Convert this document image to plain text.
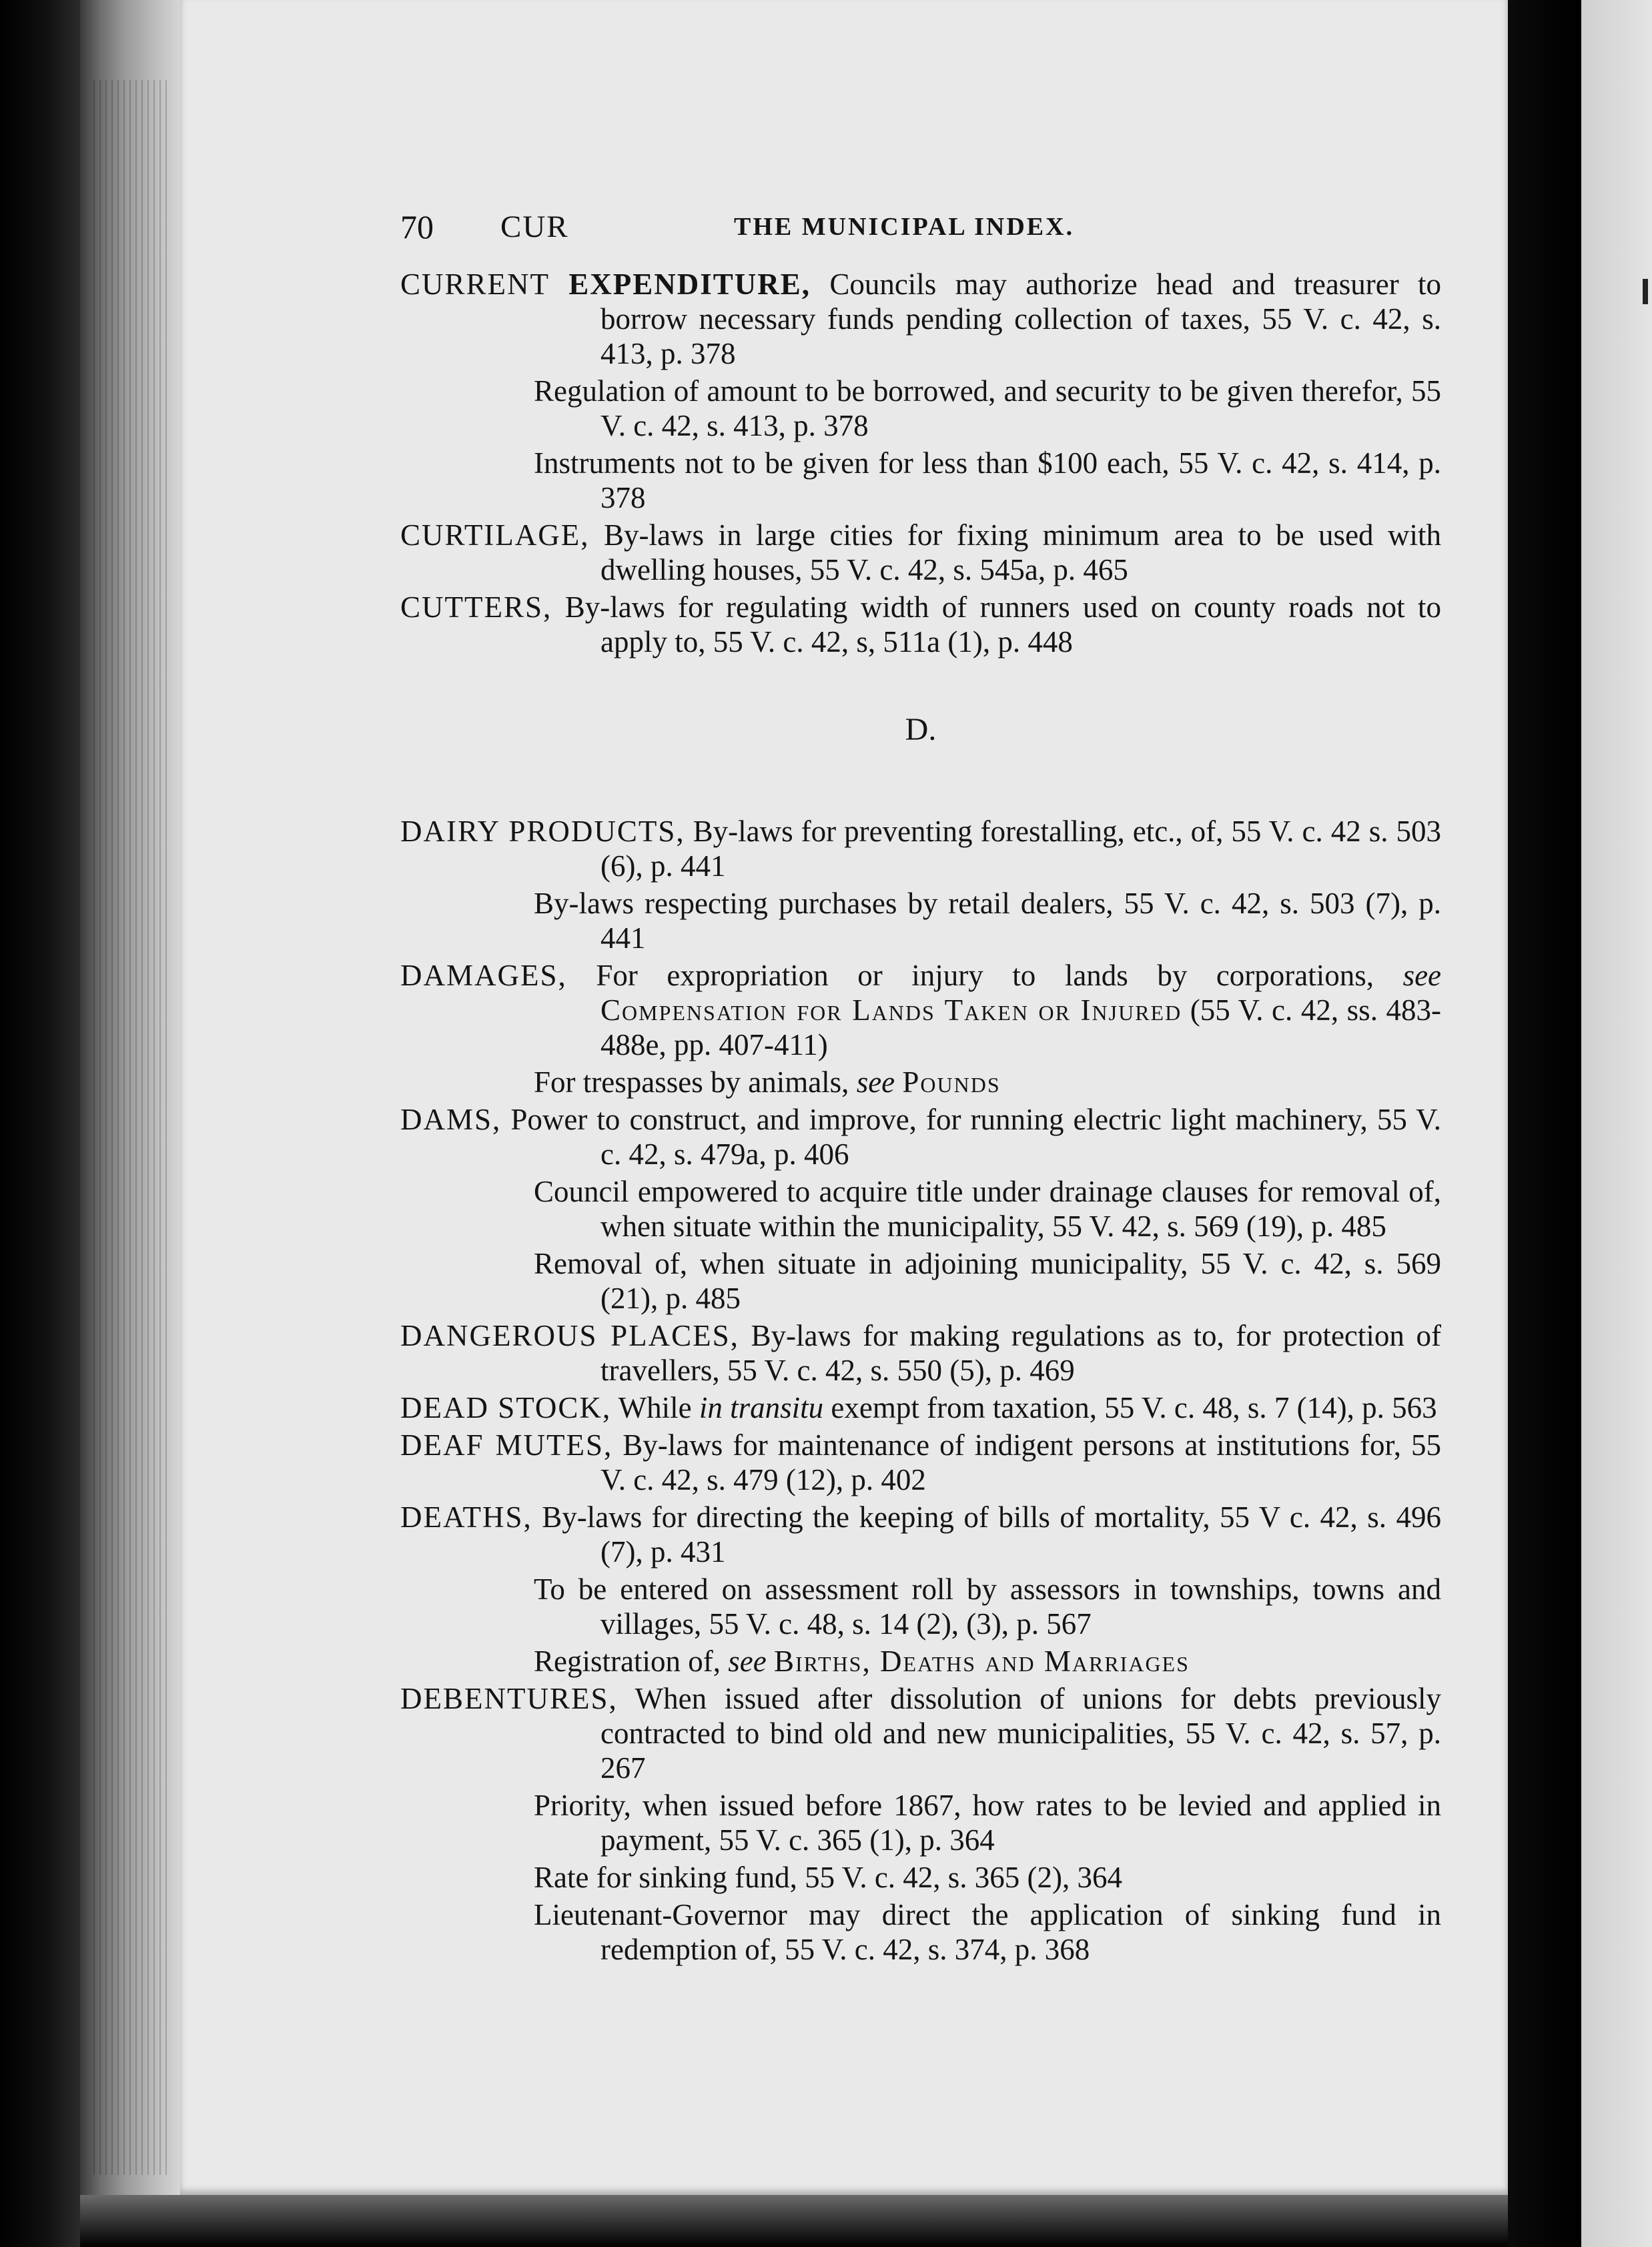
70 CUR	THE MUNICIPAL INDEX.

CURRENT EXPENDITURE, Councils may authorize head and treasurer to borrow necessary funds pending collection of taxes, 55 V. c. 42, s. 413, p. 378

Regulation of amount to be borrowed, and security to be given therefor, 55 V. c. 42, s. 413, p. 378

Instruments not to be given for less than $100 each, 55 V. c. 42, s. 414, p. 378

CURTILAGE, By-laws in large cities for fixing minimum area to be used with dwelling houses, 55 V. c. 42, s. 545a, p. 465

CUTTERS, By-laws for regulating width of runners used on county roads not to apply to, 55 V. c. 42, s, 511a (1), p. 448

D.

DAIRY PRODUCTS, By-laws for preventing forestalling, etc., of, 55 V. c. 42 s. 503 (6), p. 441

By-laws respecting purchases by retail dealers, 55 V. c. 42, s. 503 (7), p. 441

DAMAGES, For expropriation or injury to lands by corporations, see Compensation for Lands Taken or Injured (55 V. c. 42, ss. 483-488e, pp. 407-411)

For trespasses by animals, see Pounds

DAMS, Power to construct, and improve, for running electric light machinery, 55 V. c. 42, s. 479a, p. 406

Council empowered to acquire title under drainage clauses for removal of, when situate within the municipality, 55 V. 42, s. 569 (19), p. 485

Removal of, when situate in adjoining municipality, 55 V. c. 42, s. 569 (21), p. 485

DANGEROUS PLACES, By-laws for making regulations as to, for protection of travellers, 55 V. c. 42, s. 550 (5), p. 469

DEAD STOCK, While in transitu exempt from taxation, 55 V. c. 48, s. 7 (14), p. 563

DEAF MUTES, By-laws for maintenance of indigent persons at institutions for, 55 V. c. 42, s. 479 (12), p. 402

DEATHS, By-laws for directing the keeping of bills of mortality, 55 V c. 42, s. 496 (7), p. 431

To be entered on assessment roll by assessors in townships, towns and villages, 55 V. c. 48, s. 14 (2), (3), p. 567

Registration of, see Births, Deaths and Marriages

DEBENTURES, When issued after dissolution of unions for debts previously contracted to bind old and new municipalities, 55 V. c. 42, s. 57, p. 267

Priority, when issued before 1867, how rates to be levied and applied in payment, 55 V. c. 365 (1), p. 364

Rate for sinking fund, 55 V. c. 42, s. 365 (2), 364

Lieutenant-Governor may direct the application of sinking fund in redemption of, 55 V. c. 42, s. 374, p. 368
